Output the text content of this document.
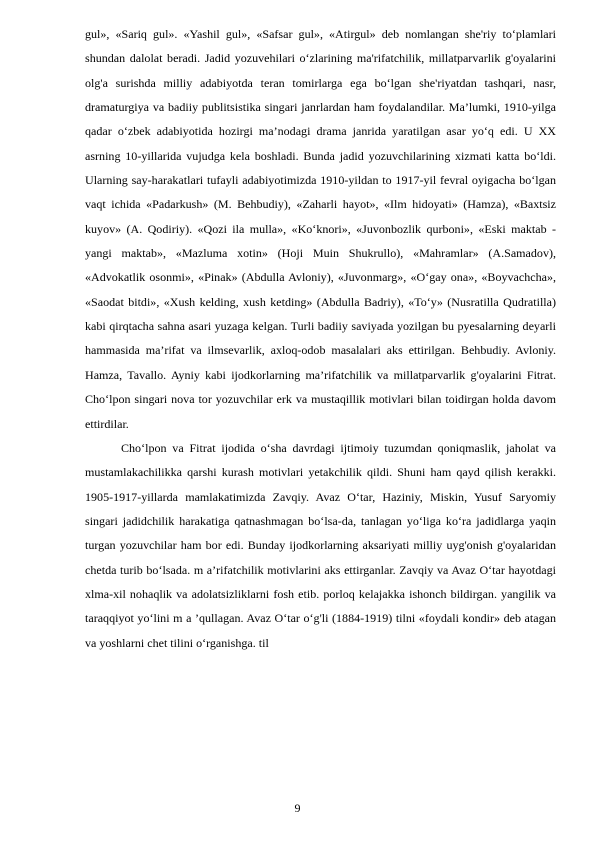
gul», «Sariq gul». «Yashil gul», «Safsar gul», «Atirgul» deb nomlangan she'riy to‘plamlari shundan dalolat beradi. Jadid yozuvehilari o‘zlarining ma'rifatchilik, millatparvarlik g'oyalarini olg'a surishda milliy adabiyotda teran tomirlarga ega bo‘lgan she'riyatdan tashqari, nasr, dramaturgiya va badiiy publitsistika singari janrlardan ham foydalandilar. Ma’lumki, 1910-yilga qadar o‘zbek adabiyotida hozirgi ma’nodagi drama janrida yaratilgan asar yo‘q edi. U XX asrning 10-yillarida vujudga kela boshladi. Bunda jadid yozuvchilarining xizmati katta bo‘ldi. Ularning say-harakatlari tufayli adabiyotimizda 1910-yildan to 1917-yil fevral oyigacha bo‘lgan vaqt ichida «Padarkush» (M. Behbudiy), «Zaharli hayot», «Ilm hidoyati» (Hamza), «Baxtsiz kuyov» (A. Qodiriy). «Qozi ila mulla», «Ko‘knori», «Juvonbozlik qurboni», «Eski maktab - yangi maktab», «Mazluma xotin» (Hoji Muin Shukrullo), «Mahramlar» (A.Samadov), «Advokatlik osonmi», «Pinak» (Abdulla Avloniy), «Juvonmarg», «O‘gay ona», «Boyvachcha», «Saodat bitdi», «Xush kelding, xush ketding» (Abdulla Badriy), «To‘y» (Nusratilla Qudratilla) kabi qirqtacha sahna asari yuzaga kelgan. Turli badiiy saviyada yozilgan bu pyesalarning deyarli hammasida ma’rifat va ilmsevarlik, axloq-odob masalalari aks ettirilgan. Behbudiy. Avloniy. Hamza, Tavallo. Ayniy kabi ijodkorlarning ma’rifatchilik va millatparvarlik g'oyalarini Fitrat. Cho‘lpon singari nova tor yozuvchilar erk va mustaqillik motivlari bilan toidirgan holda davom ettirdilar.

Cho‘lpon va Fitrat ijodida o‘sha davrdagi ijtimoiy tuzumdan qoniqmaslik, jaholat va mustamlakachilikka qarshi kurash motivlari yetakchilik qildi. Shuni ham qayd qilish kerakki. 1905-1917-yillarda mamlakatimizda Zavqiy. Avaz O‘tar, Haziniy, Miskin, Yusuf Saryomiy singari jadidchilik harakatiga qatnashmagan bo‘lsa-da, tanlagan yo‘liga ko‘ra jadidlarga yaqin turgan yozuvchilar ham bor edi. Bunday ijodkorlarning aksariyati milliy uyg'onish g'oyalaridan chetda turib bo‘lsada. m a’rifatchilik motivlarini aks ettirganlar. Zavqiy va Avaz O‘tar hayotdagi xlma-xil nohaqlik va adolatsizliklarni fosh etib. porloq kelajakka ishonch bildirgan. yangilik va taraqqiyot yo‘lini m a ’qullagan. Avaz O‘tar o‘g'li (1884-1919) tilni «foydali kondir» deb atagan va yoshlarni chet tilini o‘rganishga. til

9
